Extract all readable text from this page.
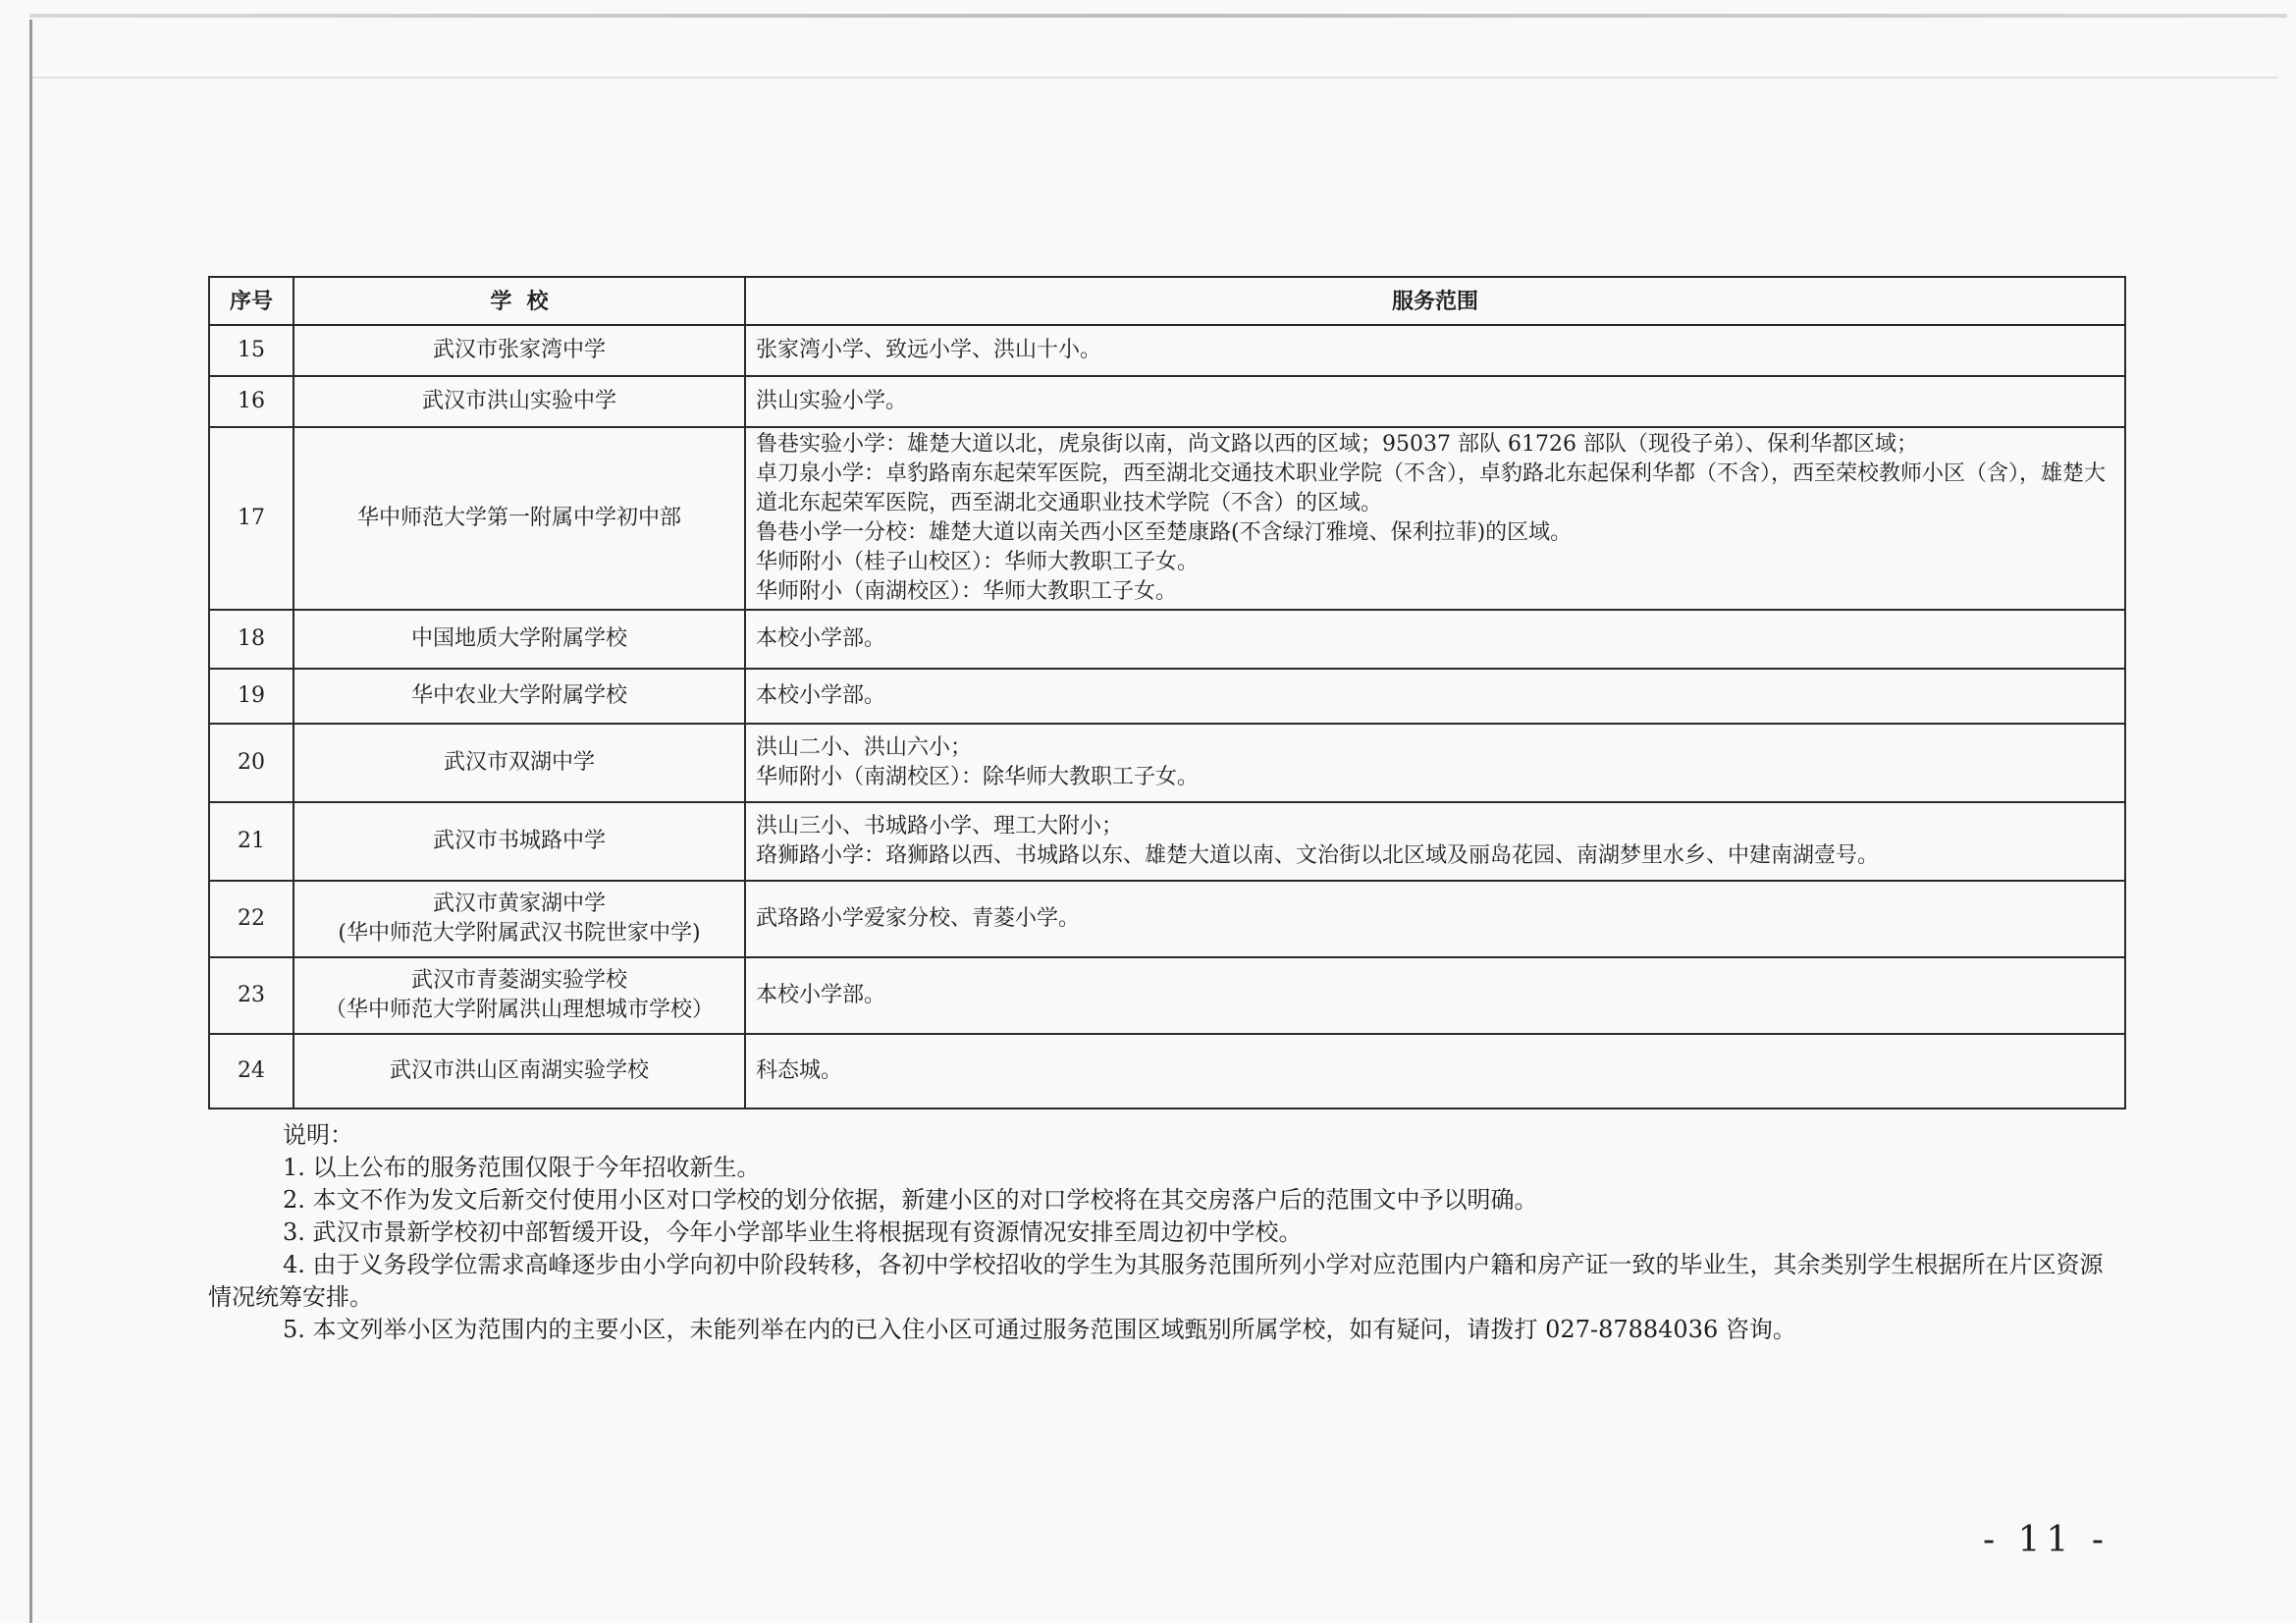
序号	学  校	服务范围
15	武汉市张家湾中学	张家湾小学、致远小学、洪山十小。

16	武汉市洪山实验中学	洪山实验小学。

17	华中师范大学第一附属中学初中部	鲁巷实验小学：雄楚大道以北，虎泉街以南，尚文路以西的区域；95037 部队 61726 部队（现役子弟）、保利华都区域；
卓刀泉小学：卓豹路南东起荣军医院，西至湖北交通技术职业学院（不含），卓豹路北东起保利华都（不含），西至荣校教师小区（含），雄楚大道北东起荣军医院，西至湖北交通职业技术学院（不含）的区域。
鲁巷小学一分校：雄楚大道以南关西小区至楚康路(不含绿汀雅境、保利拉菲)的区域。
华师附小（桂子山校区）：华师大教职工子女。
华师附小（南湖校区）：华师大教职工子女。

18	中国地质大学附属学校	本校小学部。

19	华中农业大学附属学校	本校小学部。

20	武汉市双湖中学	洪山二小、洪山六小；
华师附小（南湖校区）：除华师大教职工子女。

21	武汉市书城路中学	洪山三小、书城路小学、理工大附小；
珞狮路小学：珞狮路以西、书城路以东、雄楚大道以南、文治街以北区域及丽岛花园、南湖梦里水乡、中建南湖壹号。

22	武汉市黄家湖中学
(华中师范大学附属武汉书院世家中学)	武珞路小学爱家分校、青菱小学。

23	武汉市青菱湖实验学校
（华中师范大学附属洪山理想城市学校）	本校小学部。

24	武汉市洪山区南湖实验学校	科态城。
说明：
1. 以上公布的服务范围仅限于今年招收新生。
2. 本文不作为发文后新交付使用小区对口学校的划分依据，新建小区的对口学校将在其交房落户后的范围文中予以明确。
3. 武汉市景新学校初中部暂缓开设，今年小学部毕业生将根据现有资源情况安排至周边初中学校。
4. 由于义务段学位需求高峰逐步由小学向初中阶段转移，各初中学校招收的学生为其服务范围所列小学对应范围内户籍和房产证一致的毕业生，其余类别学生根据所在片区资源情况统筹安排。
5. 本文列举小区为范围内的主要小区，未能列举在内的已入住小区可通过服务范围区域甄别所属学校，如有疑问，请拨打 027-87884036 咨询。
- 11 -
